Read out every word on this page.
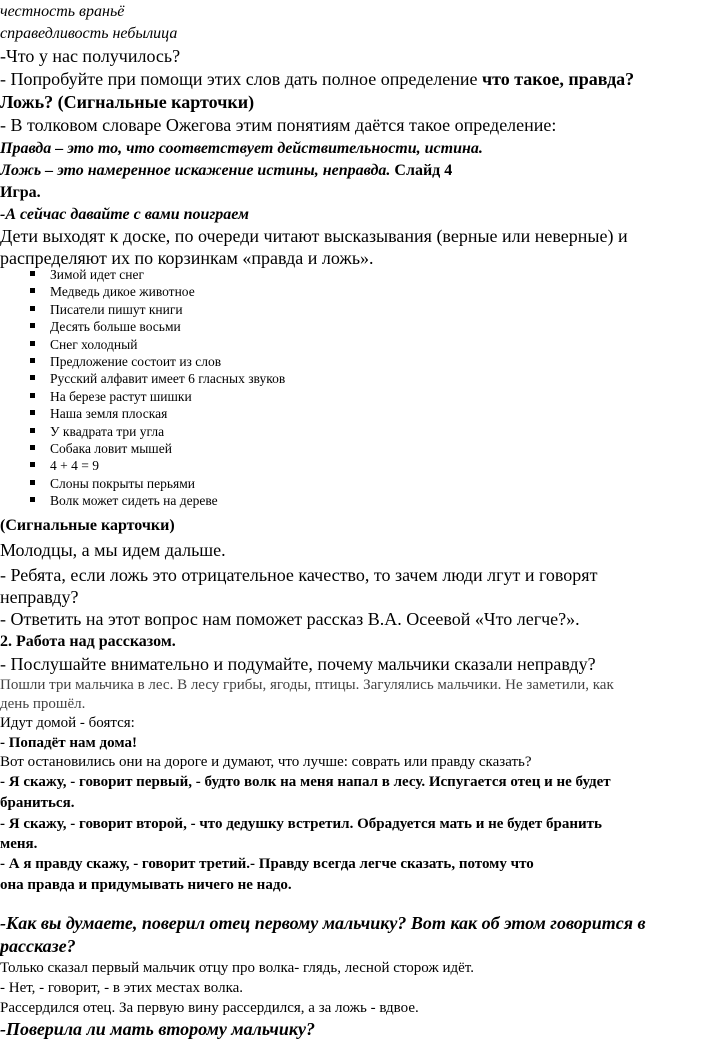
честность враньё
справедливость небылица
-Что у нас получилось?
- Попробуйте при помощи этих слов дать полное определение что такое, правда?
Ложь? (Сигнальные карточки)
- В толковом словаре Ожегова этим понятиям даётся такое определение:
Правда – это то, что соответствует действительности, истина.
Ложь – это намеренное искажение истины, неправда. Слайд 4
Игра.
-А сейчас давайте с вами поиграем
Дети выходят к доске, по очереди читают высказывания (верные или неверные) и
распределяют их по корзинкам «правда и ложь».
Зимой идет снег
Медведь дикое животное
Писатели пишут книги
Десять больше восьми
Снег холодный
Предложение состоит из слов
Русский алфавит имеет 6 гласных звуков
На березе растут шишки
Наша земля плоская
У квадрата три угла
Собака ловит мышей
4 + 4 = 9
Слоны покрыты перьями
Волк может сидеть на дереве
(Сигнальные карточки)
Молодцы, а мы идем дальше.
- Ребята, если ложь это отрицательное качество, то зачем люди лгут и говорят
неправду?
- Ответить на этот вопрос нам поможет рассказ В.А. Осеевой «Что легче?».
2. Работа над рассказом.
- Послушайте внимательно и подумайте, почему мальчики сказали неправду?
Пошли три мальчика в лес. В лесу грибы, ягоды, птицы. Загулялись мальчики. Не заметили, как
день прошёл.
Идут домой - боятся:
- Попадёт нам дома!
Вот остановились они на дороге и думают, что лучше: соврать или правду сказать?
- Я скажу, - говорит первый, - будто волк на меня напал в лесу. Испугается отец и не будет
браниться.
- Я скажу, - говорит второй, - что дедушку встретил. Обрадуется мать и не будет бранить
меня.
- А я правду скажу, - говорит третий.- Правду всегда легче сказать, потому что
она правда и придумывать ничего не надо.
-Как вы думаете, поверил отец первому мальчику? Вот как об этом говорится в
рассказе?
Только сказал первый мальчик отцу про волка- глядь, лесной сторож идёт.
- Нет, - говорит, - в этих местах волка.
Рассердился отец. За первую вину рассердился, а за ложь - вдвое.
-Поверила ли мать второму мальчику?
